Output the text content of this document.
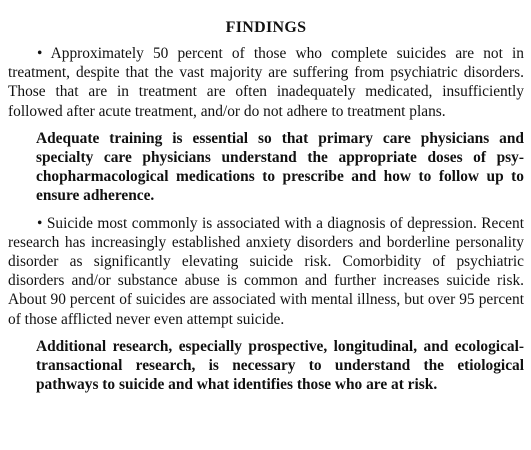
FINDINGS

• Approximately 50 percent of those who complete suicides are not in treatment, despite that the vast majority are suffering from psychiatric disorders. Those that are in treatment are often inadequately medicated, insufficiently followed after acute treatment, and/or do not adhere to treatment plans.

Adequate training is essential so that primary care physicians and specialty care physicians understand the appropriate doses of psychopharmacological medications to prescribe and how to follow up to ensure adherence.

• Suicide most commonly is associated with a diagnosis of depression. Recent research has increasingly established anxiety disorders and borderline personality disorder as significantly elevating suicide risk. Comorbidity of psychiatric disorders and/or substance abuse is common and further increases suicide risk. About 90 percent of suicides are associated with mental illness, but over 95 percent of those afflicted never even attempt suicide.

Additional research, especially prospective, longitudinal, and ecological-transactional research, is necessary to understand the etiological pathways to suicide and what identifies those who are at risk.
